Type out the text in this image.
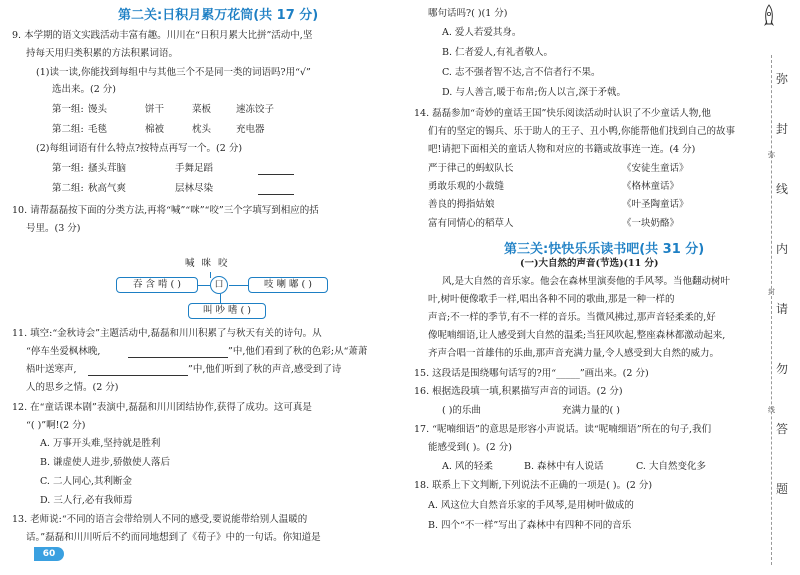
第二关:日积月累万花筒(共 17 分)
9. 本学期的语文实践活动丰富有趣。川川在“日积月累大比拼”活动中,坚
持每天用归类积累的方法积累词语。
(1)读一读,你能找到每组中与其他三个不是同一类的词语吗?用“√”
选出来。(2 分)
第一组: 馒头	饼干	菜板	速冻饺子
第二组: 毛毯	棉被	枕头	充电器
(2)每组词语有什么特点?按特点再写一个。(2 分)
第一组: 搔头茸脑	手舞足蹈
第二组: 秋高气爽	层林尽染
10. 请帮磊磊按下面的分类方法,再将“喊”“咪”“咬”三个字填写到相应的括
号里。(3 分)
喊 咪 咬
吞 含 啃 ( )	口	吱 喇 嘟 ( )
叫 吵 嗜 ( )
11. 填空:“金秋诗会”主题活动中,磊磊和川川积累了与秋天有关的诗句。从
“停车坐爱枫林晚,	”中,他们看到了秋的色彩;从“萧萧
梧叶送寒声,	”中,他们听到了秋的声音,感受到了诗
人的思乡之情。(2 分)
12. 在“童话课本剧”表演中,磊磊和川川团结协作,获得了成功。这可真是
“( )”啊!(2 分)
A. 万事开头难,坚持就是胜利
B. 谦虚使人进步,骄傲使人落后
C. 二人同心,其利断金
D. 三人行,必有我师焉
13. 老师说:“不同的语言会带给别人不同的感受,要说能带给别人温暖的
话。”磊磊和川川听后不约而同地想到了《荀子》中的一句话。你知道是
60
哪句话吗?( )(1 分)
A. 爱人若爱其身。
B. 仁者爱人,有礼者敬人。
C. 志不强者智不达,言不信者行不果。
D. 与人善言,暖于布帛;伤人以言,深于矛戟。
14. 磊磊参加“奇妙的童话王国”快乐阅读活动时认识了不少童话人物,他
们有的坚定的锡兵、乐于助人的王子、丑小鸭,你能帮他们找到自己的故事
吧!请把下面相关的童话人物和对应的书籍或故事连一连。(4 分)
严于律己的蚂蚁队长	《安徒生童话》
勇敢乐观的小裁缝	《格林童话》
善良的拇指姑娘	《叶圣陶童话》
富有同情心的稻草人	《一块奶酪》
第三关:快快乐乐读书吧(共 31 分)
(一)大自然的声音(节选)(11 分)
风,是大自然的音乐家。他会在森林里演奏他的手风琴。当他翻动树叶
叶,树叶便像歌手一样,唱出各种不同的歌曲,那是一种一样的
声音;不一样的季节,有不一样的音乐。当微风拂过,那声音轻柔柔的,好
像呢喃细语,让人感受到大自然的温柔;当狂风吹起,整座森林都激动起来,
齐声合唱一首雄伟的乐曲,那声音充满力量,令人感受到大自然的威力。
15. 这段话是围绕哪句话写的?用“_____”画出来。(2 分)
16. 根据选段填一填,积累描写声音的词语。(2 分)
( )的乐曲	充满力量的( )
17. “呢喃细语”的意思是形容小声说话。读“呢喃细语”所在的句子,我们
能感受到( )。(2 分)
A. 风的轻柔	B. 森林中有人说话	C. 大自然变化多
18. 联系上下文判断,下列说法不正确的一项是( )。(2 分)
A. 风这位大自然音乐家的手风琴,是用树叶做成的
B. 四个“不一样”写出了森林中有四种不同的音乐
弥
封
线
内
请
勿
答
题
弥
封
线
